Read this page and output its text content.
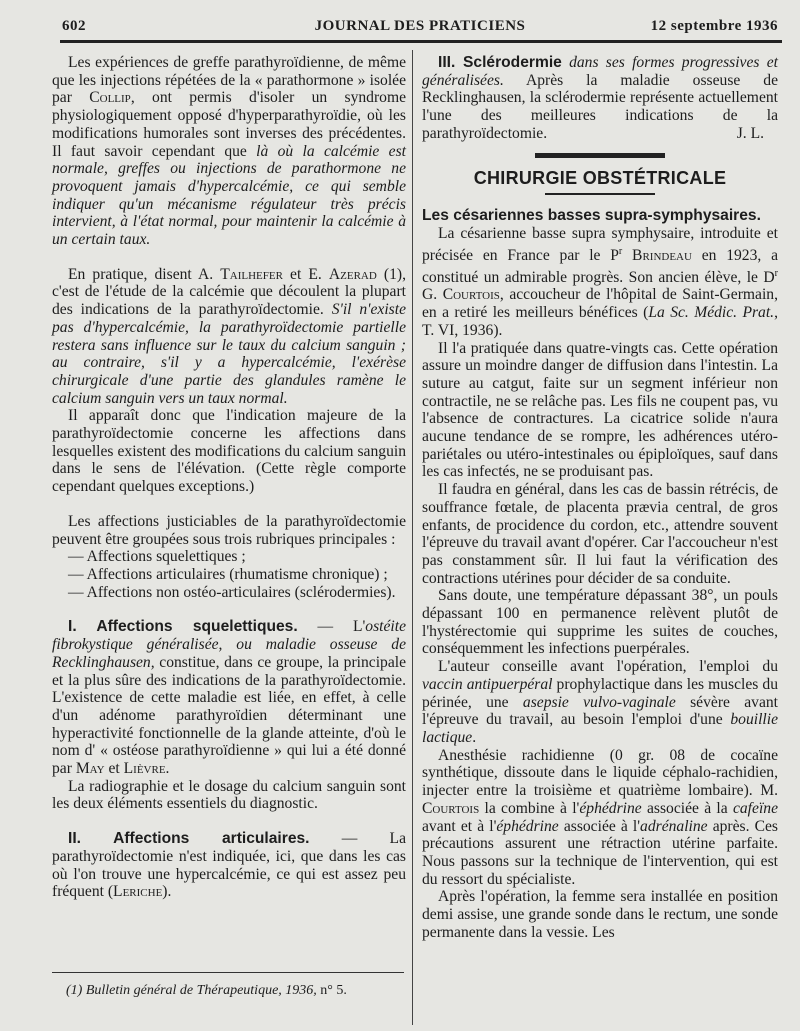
602	JOURNAL DES PRATICIENS	12 septembre 1936

Les expériences de greffe parathyroïdienne, de même que les injections répétées de la « parathormone » isolée par Collip, ont permis d'isoler un syndrome physiologiquement opposé d'hyperparathyroïdie, où les modifications humorales sont inverses des précédentes. Il faut savoir cependant que là où la calcémie est normale, greffes ou injections de parathormone ne provoquent jamais d'hypercalcémie, ce qui semble indiquer qu'un mécanisme régulateur très précis intervient, à l'état normal, pour maintenir la calcémie à un certain taux.

En pratique, disent A. Tailhefer et E. Azerad (1), c'est de l'étude de la calcémie que découlent la plupart des indications de la parathyroïdectomie. S'il n'existe pas d'hypercalcémie, la parathyroïdectomie partielle restera sans influence sur le taux du calcium sanguin ; au contraire, s'il y a hypercalcémie, l'exérèse chirurgicale d'une partie des glandules ramène le calcium sanguin vers un taux normal.

Il apparaît donc que l'indication majeure de la parathyroïdectomie concerne les affections dans lesquelles existent des modifications du calcium sanguin dans le sens de l'élévation. (Cette règle comporte cependant quelques exceptions.)

Les affections justiciables de la parathyroïdectomie peuvent être groupées sous trois rubriques principales :

— Affections squelettiques ;

— Affections articulaires (rhumatisme chronique) ;

— Affections non ostéo-articulaires (sclérodermies).

I. Affections squelettiques. — L'ostéite fibrokystique généralisée, ou maladie osseuse de Recklinghausen, constitue, dans ce groupe, la principale et la plus sûre des indications de la parathyroïdectomie. L'existence de cette maladie est liée, en effet, à celle d'un adénome parathyroïdien déterminant une hyperactivité fonctionnelle de la glande atteinte, d'où le nom d' « ostéose parathyroïdienne » qui lui a été donné par May et Lièvre.

La radiographie et le dosage du calcium sanguin sont les deux éléments essentiels du diagnostic.

II. Affections articulaires. — La parathyroïdectomie n'est indiquée, ici, que dans les cas où l'on trouve une hypercalcémie, ce qui est assez peu fréquent (Leriche).

(1) Bulletin général de Thérapeutique, 1936, n° 5.

III. Sclérodermie dans ses formes progressives et généralisées. Après la maladie osseuse de Recklinghausen, la sclérodermie représente actuellement l'une des meilleures indications de la parathyroïdectomie.	J. L.

CHIRURGIE OBSTÉTRICALE

Les césariennes basses supra-symphysaires.

La césarienne basse supra symphysaire, introduite et précisée en France par le $P^r$ Brindeau en 1923, a constitué un admirable progrès. Son ancien élève, le $D^r$ G. Courtois, accoucheur de l'hôpital de Saint-Germain, en a retiré les meilleurs bénéfices (La Sc. Médic. Prat., T. VI, 1936).

Il l'a pratiquée dans quatre-vingts cas. Cette opération assure un moindre danger de diffusion dans l'intestin. La suture au catgut, faite sur un segment inférieur non contractile, ne se relâche pas. Les fils ne coupent pas, vu l'absence de contractures. La cicatrice solide n'aura aucune tendance de se rompre, les adhérences utéro-pariétales ou utéro-intestinales ou épiploïques, sauf dans les cas infectés, ne se produisant pas.

Il faudra en général, dans les cas de bassin rétrécis, de souffrance fœtale, de placenta prævia central, de gros enfants, de procidence du cordon, etc., attendre souvent l'épreuve du travail avant d'opérer. Car l'accoucheur n'est pas constamment sûr. Il lui faut la vérification des contractions utérines pour décider de sa conduite.

Sans doute, une température dépassant 38°, un pouls dépassant 100 en permanence relèvent plutôt de l'hystérectomie qui supprime les suites de couches, conséquemment les infections puerpérales.

L'auteur conseille avant l'opération, l'emploi du vaccin antipuerpéral prophylactique dans les muscles du périnée, une asepsie vulvo-vaginale sévère avant l'épreuve du travail, au besoin l'emploi d'une bouillie lactique.

Anesthésie rachidienne (0 gr. 08 de cocaïne synthétique, dissoute dans le liquide céphalo-rachidien, injecter entre la troisième et quatrième lombaire). M. Courtois la combine à l'éphédrine associée à la cafeïne avant et à l'éphédrine associée à l'adrénaline après. Ces précautions assurent une rétraction utérine parfaite. Nous passons sur la technique de l'intervention, qui est du ressort du spécialiste.

Après l'opération, la femme sera installée en position demi assise, une grande sonde dans le rectum, une sonde permanente dans la vessie. Les
